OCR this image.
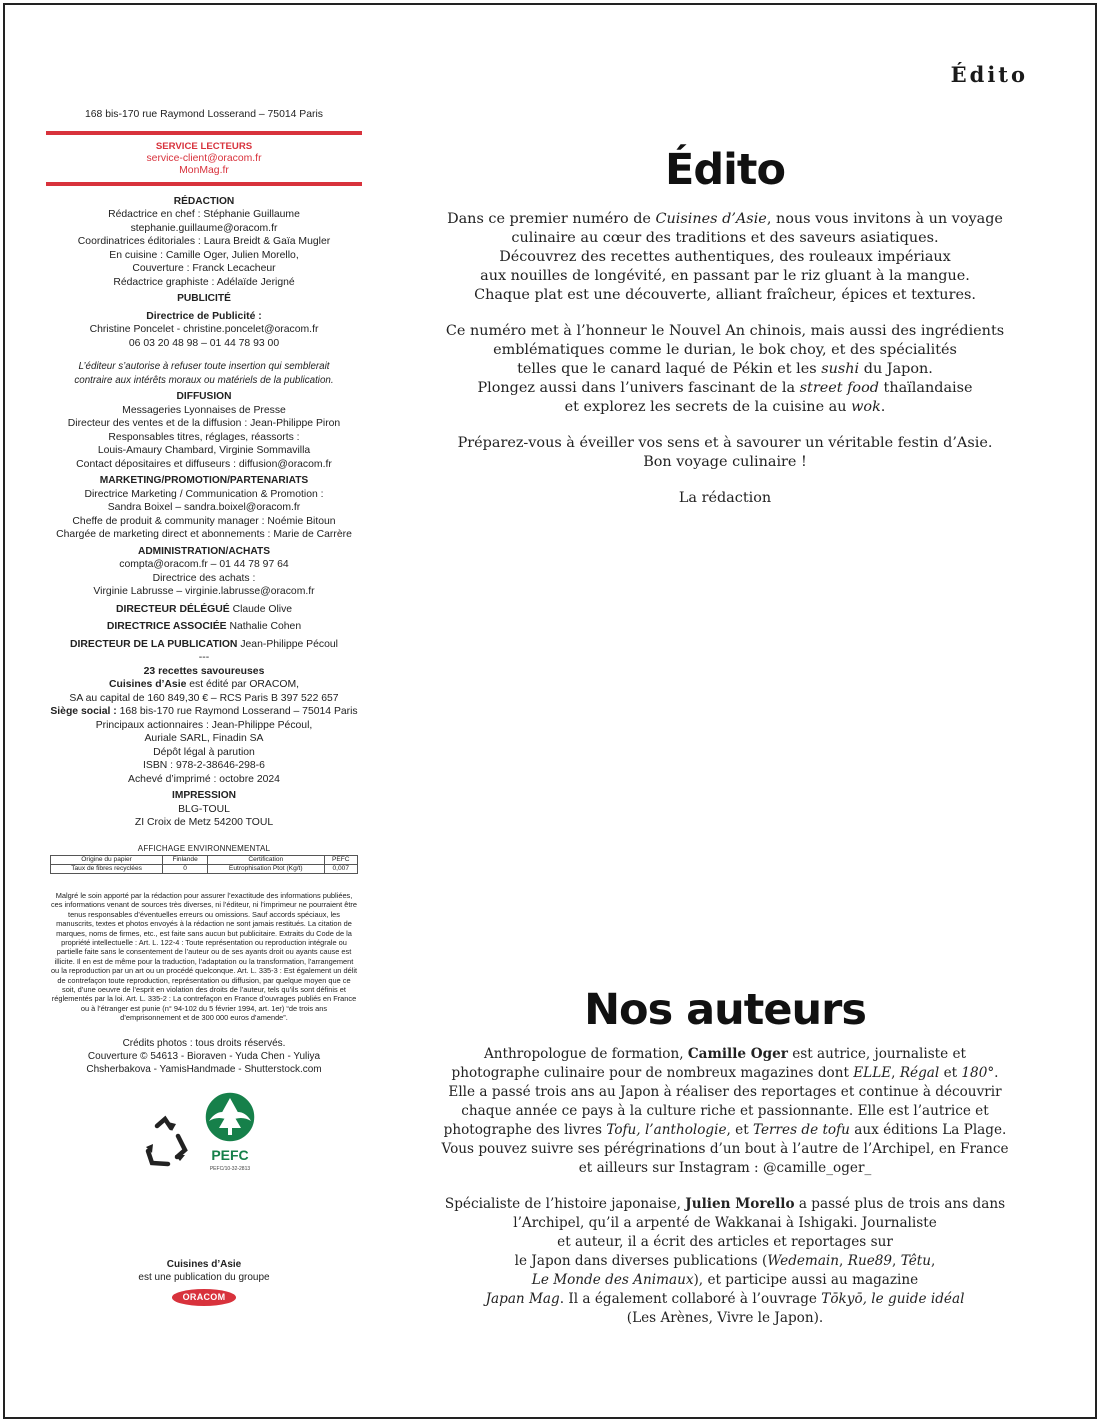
Édito
168 bis-170 rue Raymond Losserand – 75014 Paris
SERVICE LECTEURS
service-client@oracom.fr
MonMag.fr
RÉDACTION
Rédactrice en chef : Stéphanie Guillaume
stephanie.guillaume@oracom.fr
Coordinatrices éditoriales : Laura Breidt & Gaïa Mugler
En cuisine : Camille Oger, Julien Morello,
Couverture : Franck Lecacheur
Rédactrice graphiste : Adélaïde Jerigné
PUBLICITÉ
Directrice de Publicité :
Christine Poncelet - christine.poncelet@oracom.fr
06 03 20 48 98 – 01 44 78 93 00
L’éditeur s’autorise à refuser toute insertion qui semblerait
contraire aux intérêts moraux ou matériels de la publication.
DIFFUSION
Messageries Lyonnaises de Presse
Directeur des ventes et de la diffusion : Jean-Philippe Piron
Responsables titres, réglages, réassorts :
Louis-Amaury Chambard, Virginie Sommavilla
Contact dépositaires et diffuseurs : diffusion@oracom.fr
MARKETING/PROMOTION/PARTENARIATS
Directrice Marketing / Communication & Promotion :
Sandra Boixel – sandra.boixel@oracom.fr
Cheffe de produit & community manager : Noémie Bitoun
Chargée de marketing direct et abonnements : Marie de Carrère
ADMINISTRATION/ACHATS
compta@oracom.fr – 01 44 78 97 64
Directrice des achats :
Virginie Labrusse – virginie.labrusse@oracom.fr
DIRECTEUR DÉLÉGUÉ Claude Olive
DIRECTRICE ASSOCIÉE Nathalie Cohen
DIRECTEUR DE LA PUBLICATION Jean-Philippe Pécoul
---
23 recettes savoureuses
Cuisines d’Asie est édité par ORACOM,
SA au capital de 160 849,30 € – RCS Paris B 397 522 657
Siège social : 168 bis-170 rue Raymond Losserand – 75014 Paris
Principaux actionnaires : Jean-Philippe Pécoul,
Auriale SARL, Finadin SA
Dépôt légal à parution
ISBN : 978-2-38646-298-6
Achevé d’imprimé : octobre 2024
IMPRESSION
BLG-TOUL
ZI Croix de Metz 54200 TOUL
AFFICHAGE ENVIRONNEMENTAL
Origine du papier	Finlande	Certification	PEFC
Taux de fibres recyclées	0	Eutrophisation Ptot (Kg/t)	0,007
Malgré le soin apporté par la rédaction pour assurer l’exactitude des informations publiées, ces informations venant de sources très diverses, ni l’éditeur, ni l’imprimeur ne pourraient être tenus responsables d’éventuelles erreurs ou omissions. Sauf accords spéciaux, les manuscrits, textes et photos envoyés à la rédaction ne sont jamais restitués. La citation de marques, noms de firmes, etc., est faite sans aucun but publicitaire. Extraits du Code de la propriété intellectuelle : Art. L. 122-4 : Toute représentation ou reproduction intégrale ou partielle faite sans le consentement de l’auteur ou de ses ayants droit ou ayants cause est illicite. Il en est de même pour la traduction, l’adaptation ou la transformation, l’arrangement ou la reproduction par un art ou un procédé quelconque. Art. L. 335-3 : Est également un délit de contrefaçon toute reproduction, représentation ou diffusion, par quelque moyen que ce soit, d’une oeuvre de l’esprit en violation des droits de l’auteur, tels qu’ils sont définis et réglementés par la loi. Art. L. 335-2 : La contrefaçon en France d’ouvrages publiés en France ou à l’étranger est punie (n° 94-102 du 5 février 1994, art. 1er) “de trois ans d’emprisonnement et de 300 000 euros d’amende”.
Crédits photos : tous droits réservés.
Couverture © 54613 - Bioraven - Yuda Chen - Yuliya
Chsherbakova - YamisHandmade - Shutterstock.com
PEFC
PEFC/10-32-2813
Cuisines d’Asie
est une publication du groupe
ORACOM
Édito
Dans ce premier numéro de Cuisines d’Asie, nous vous invitons à un voyage
culinaire au cœur des traditions et des saveurs asiatiques.
Découvrez des recettes authentiques, des rouleaux impériaux
aux nouilles de longévité, en passant par le riz gluant à la mangue.
Chaque plat est une découverte, alliant fraîcheur, épices et textures.
Ce numéro met à l’honneur le Nouvel An chinois, mais aussi des ingrédients
emblématiques comme le durian, le bok choy, et des spécialités
telles que le canard laqué de Pékin et les sushi du Japon.
Plongez aussi dans l’univers fascinant de la street food thaïlandaise
et explorez les secrets de la cuisine au wok.
Préparez-vous à éveiller vos sens et à savourer un véritable festin d’Asie.
Bon voyage culinaire !
La rédaction
Nos auteurs
Anthropologue de formation, Camille Oger est autrice, journaliste et
photographe culinaire pour de nombreux magazines dont ELLE, Régal et 180°.
Elle a passé trois ans au Japon à réaliser des reportages et continue à découvrir
chaque année ce pays à la culture riche et passionnante. Elle est l’autrice et
photographe des livres Tofu, l’anthologie, et Terres de tofu aux éditions La Plage.
Vous pouvez suivre ses pérégrinations d’un bout à l’autre de l’Archipel, en France
et ailleurs sur Instagram : @camille_oger_
Spécialiste de l’histoire japonaise, Julien Morello a passé plus de trois ans dans
l’Archipel, qu’il a arpenté de Wakkanai à Ishigaki. Journaliste
et auteur, il a écrit des articles et reportages sur
le Japon dans diverses publications (Wedemain, Rue89, Têtu,
Le Monde des Animaux), et participe aussi au magazine
Japan Mag. Il a également collaboré à l’ouvrage Tōkyō, le guide idéal
(Les Arènes, Vivre le Japon).
